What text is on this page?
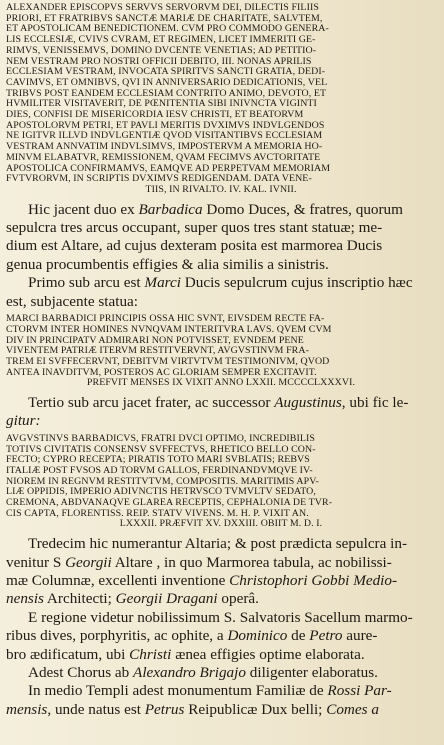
ALEXANDER EPISCOPVS SERVVS SERVORVM DEI, DILECTIS FILIIS
PRIORI, ET FRATRIBVS SANCTÆ MARIÆ DE CHARITATE, SALVTEM,
ET APOSTOLICAM BENEDICTIONEM. CVM PRO COMMODO GENERA-
LIS ECCLESIÆ, CVIVS CVRAM, ET REGIMEN, LICET IMMERITI GE-
RIMVS, VENISSEMVS, DOMINO DVCENTE VENETIAS; AD PETITIO-
NEM VESTRAM PRO NOSTRI OFFICII DEBITO, III. NONAS APRILIS
ECCLESIAM VESTRAM, INVOCATA SPIRITVS SANCTI GRATIA, DEDI-
CAVIMVS, ET OMNIBVS, QVI IN ANNIVERSARIO DEDICATIONIS, VEL
TRIBVS POST EANDEM ECCLESIAM CONTRITO ANIMO, DEVOTO, ET
HVMILITER VISITAVERIT, DE PŒNITENTIA SIBI INIVNCTA VIGINTI
DIES, CONFISI DE MISERICORDIA IESV CHRISTI, ET BEATORVM
APOSTOLORVM PETRI, ET PAVLI MERITIS DVXIMVS INDVLGENDOS
NE IGITVR ILLVD INDVLGENTIÆ QVOD VISITANTIBVS ECCLESIAM
VESTRAM ANNVATIM INDVLSIMVS, IMPOSTERVM A MEMORIA HO-
MINVM ELABATVR, REMISSIONEM, QVAM FECIMVS AVCTORITATE
APOSTOLICA CONFIRMAMVS, EAMQVE AD PERPETVAM MEMORIAM
FVTVRORVM, IN SCRIPTIS DVXIMVS REDIGENDAM. DATA VENE-
TIIS, IN RIVALTO. IV. KAL. IVNII.

Hic jacent duo ex Barbadica Domo Duces, & fratres, quorum
sepulcra tres arcus occupant, super quos tres stant statuæ; me-
dium est Altare, ad cujus dexteram posita est marmorea Ducis
genua procumbentis effigies & alia similis a sinistris.

Primo sub arcu est Marci Ducis sepulcrum cujus inscriptio hæc
est, subjacente statua:

MARCI BARBADICI PRINCIPIS OSSA HIC SVNT, EIVSDEM RECTE FA-
CTORVM INTER HOMINES NVNQVAM INTERITVRA LAVS. QVEM CVM
DIV IN PRINCIPATV ADMIRARI NON POTVISSET, EVNDEM PENE
VIVENTEM PATRIÆ ITERVM RESTITVERVNT, AVGVSTINVM FRA-
TREM EI SVFFECERVNT, DEBITVM VIRTVTVM TESTIMONIVM, QVOD
ANTEA INAVDITVM, POSTEROS AC GLORIAM SEMPER EXCITAVIT.
PREFVIT MENSES IX VIXIT ANNO LXXII. MCCCCLXXXVI.

Tertio sub arcu jacet frater, ac successor Augustinus, ubi fic le-
gitur:

AVGVSTINVS BARBADICVS, FRATRI DVCI OPTIMO, INCREDIBILIS
TOTIVS CIVITATIS CONSENSV SVFFECTVS, RHETICO BELLO CON-
FECTO; CYPRO RECEPTA; PIRATIS TOTO MARI SVBLATIS; REBVS
ITALIÆ POST FVSOS AD TORVM GALLOS, FERDINANDVMQVE IV-
NIOREM IN REGNVM RESTITVTVM, COMPOSITIS. MARITIMIS APV-
LIÆ OPPIDIS, IMPERIO ADIVNCTIS HETRVSCO TVMVLTV SEDATO,
CREMONA, ABDVANAQVE GLAREA RECEPTIS, CEPHALONIA DE TVR-
CIS CAPTA, FLORENTISS. REIP. STATV VIVENS. M. H. P. VIXIT AN.
LXXXII. PRÆFVIT XV. DXXIII. OBIIT M. D. I.

Tredecim hic numerantur Altaria; & post prædicta sepulcra in-
venitur S Georgii Altare , in quo Marmorea tabula, ac nobilissi-
mæ Columnæ, excellenti inventione Christophori Gobbi Medio-
nensis Architecti; Georgii Dragani operâ.

E regione videtur nobilissimum S. Salvatoris Sacellum marmo-
ribus dives, porphyritis, ac ophite, a Dominico de Petro aure-
bro ædificatum, ubi Christi ænea effigies optime elaborata.

Adest Chorus ab Alexandro Brigajo diligenter elaboratus.

In medio Templi adest monumentum Familiæ de Rossi Par-
mensis, unde natus est Petrus Reipublicæ Dux belli; Comes a
